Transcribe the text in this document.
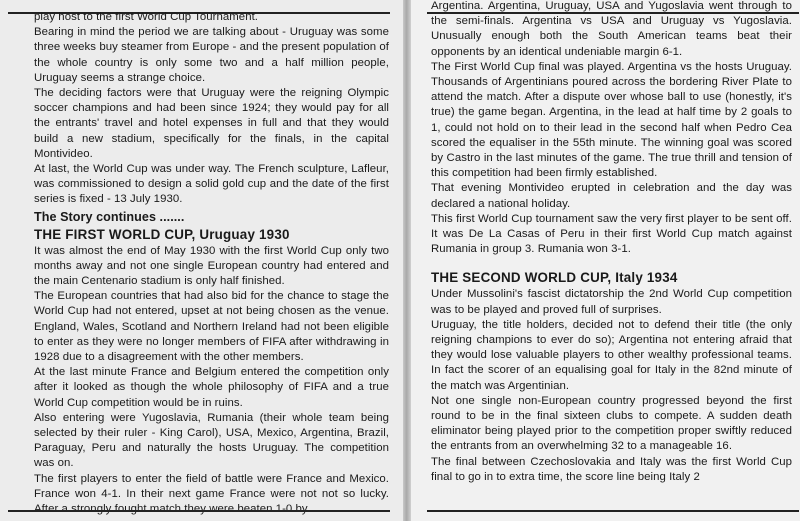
play host to the first World Cup Tournament.

Bearing in mind the period we are talking about - Uruguay was some three weeks buy steamer from Europe - and the present population of the whole country is only some two and a half million people, Uruguay seems a strange choice.

The deciding factors were that Uruguay were the reigning Olympic soccer champions and had been since 1924; they would pay for all the entrants' travel and hotel expenses in full and that they would build a new stadium, specifically for the finals, in the capital Montivideo.

At last, the World Cup was under way. The French sculpture, Lafleur, was commissioned to design a solid gold cup and the date of the first series is fixed - 13 July 1930.

The Story continues .......

THE FIRST WORLD CUP, Uruguay 1930

It was almost the end of May 1930 with the first World Cup only two months away and not one single European country had entered and the main Centenario stadium is only half finished.

The European countries that had also bid for the chance to stage the World Cup had not entered, upset at not being chosen as the venue. England, Wales, Scotland and Northern Ireland had not been eligible to enter as they were no longer members of FIFA after withdrawing in 1928 due to a disagreement with the other members.

At the last minute France and Belgium entered the competition only after it looked as though the whole philosophy of FIFA and a true World Cup competition would be in ruins.

Also entering were Yugoslavia, Rumania (their whole team being selected by their ruler - King Carol), USA, Mexico, Argentina, Brazil, Paraguay, Peru and naturally the hosts Uruguay. The competition was on.

The first players to enter the field of battle were France and Mexico. France won 4-1. In their next game France were not not so lucky.

Argentina. Argentina, Uruguay, USA and Yugoslavia went through to the semi-finals. Argentina vs USA and Uruguay vs Yugoslavia. Unusually enough both the South American teams beat their opponents by an identical undeniable margin 6-1.

The First World Cup final was played. Argentina vs the hosts Uruguay. Thousands of Argentinians poured across the bordering River Plate to attend the match. After a dispute over whose ball to use (honestly, it's true) the game began. Argentina, in the lead at half time by 2 goals to 1, could not hold on to their lead in the second half when Pedro Cea scored the equaliser in the 55th minute. The winning goal was scored by Castro in the last minutes of the game. The true thrill and tension of this competition had been firmly established.

That evening Montivideo erupted in celebration and the day was declared a national holiday.

This first World Cup tournament saw the very first player to be sent off. It was De La Casas of Peru in their first World Cup match against Rumania in group 3. Rumania won 3-1.

THE SECOND WORLD CUP, Italy 1934

Under Mussolini's fascist dictatorship the 2nd World Cup competition was to be played and proved full of surprises.

Uruguay, the title holders, decided not to defend their title (the only reigning champions to ever do so); Argentina not entering afraid that they would lose valuable players to other wealthy professional teams. In fact the scorer of an equalising goal for Italy in the 82nd minute of the match was Argentinian.

Not one single non-European country progressed beyond the first round to be in the final sixteen clubs to compete. A sudden death eliminator being played prior to the competition proper swiftly reduced the entrants from an overwhelming 32 to a manageable 16.

The final between Czechoslovakia and Italy was the first World Cup final to go in to extra time, the score line being Italy 2
